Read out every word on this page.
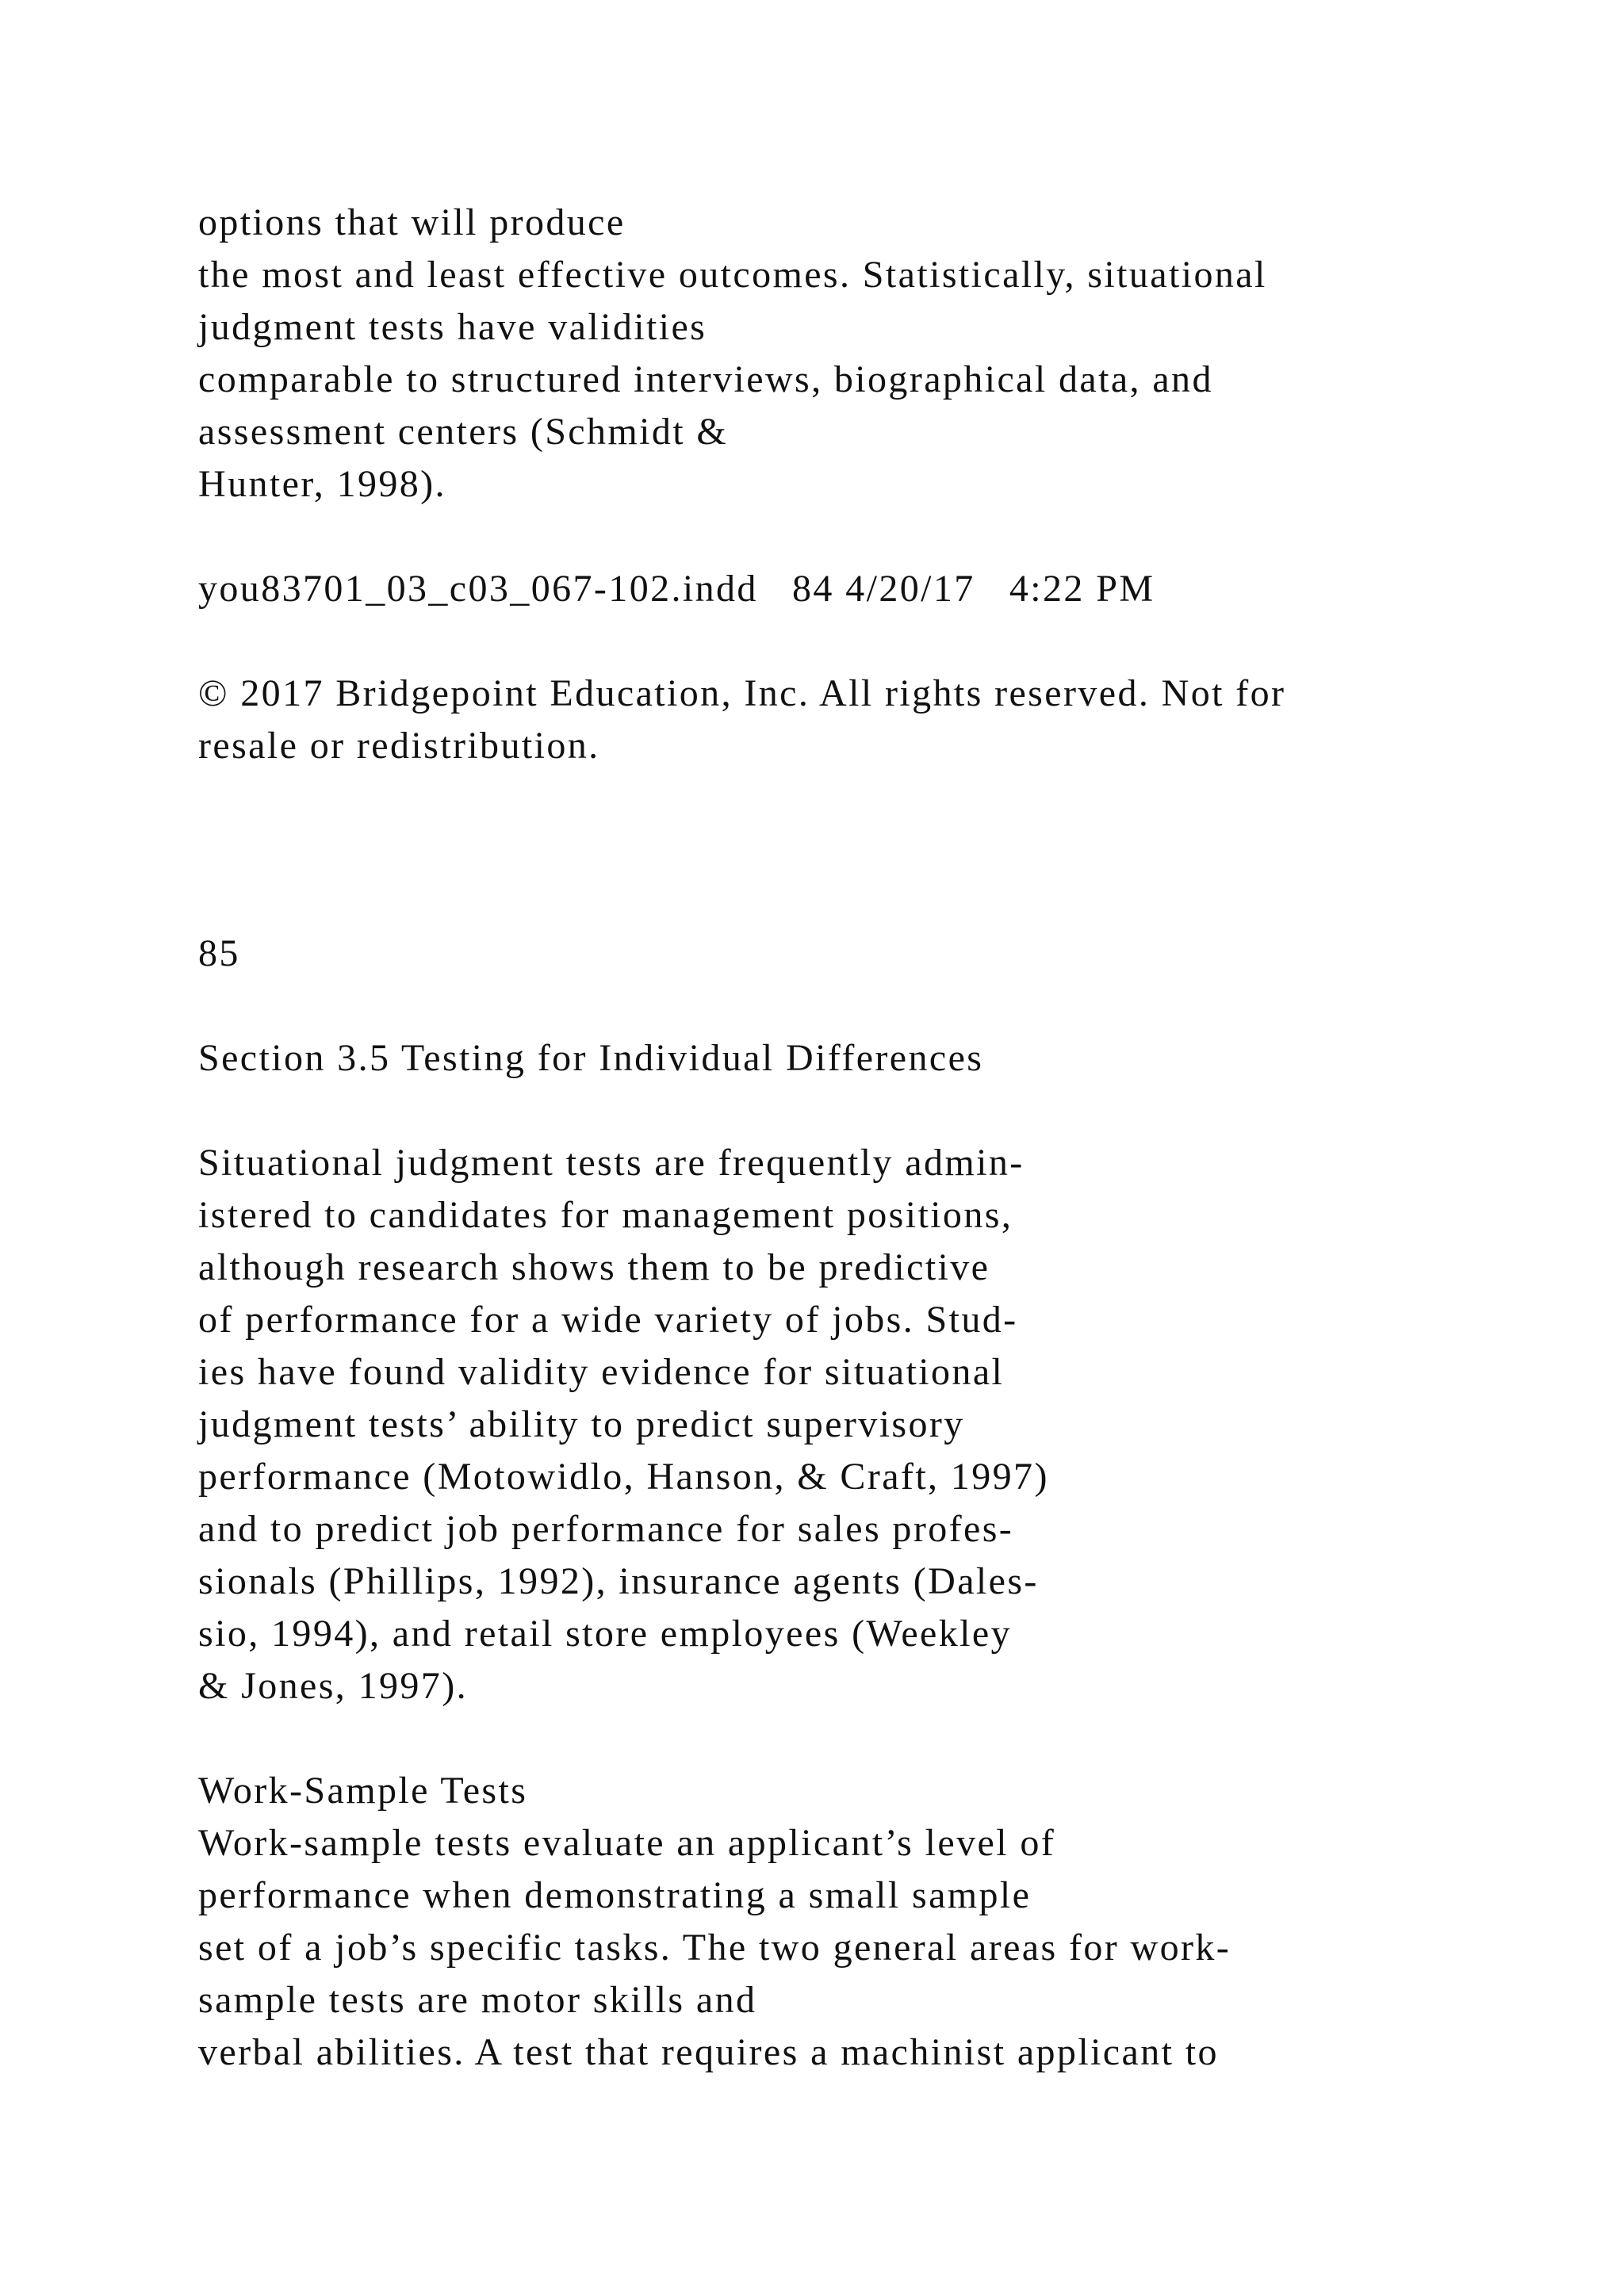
options that will produce

the most and least effective outcomes. Statistically, situational

judgment tests have validities

comparable to structured interviews, biographical data, and

assessment centers (Schmidt &

Hunter, 1998).

you83701_03_c03_067-102.indd   84 4/20/17   4:22 PM

© 2017 Bridgepoint Education, Inc. All rights reserved. Not for

resale or redistribution.

85

Section 3.5 Testing for Individual Differences

Situational judgment tests are frequently admin-

istered to candidates for management positions,

although research shows them to be predictive

of performance for a wide variety of jobs. Stud-

ies have found validity evidence for situational

judgment tests’ ability to predict supervisory

performance (Motowidlo, Hanson, & Craft, 1997)

and to predict job performance for sales profes-

sionals (Phillips, 1992), insurance agents (Dales-

sio, 1994), and retail store employees (Weekley

& Jones, 1997).

Work-Sample Tests

Work-sample tests evaluate an applicant’s level of

performance when demonstrating a small sample

set of a job’s specific tasks. The two general areas for work-

sample tests are motor skills and

verbal abilities. A test that requires a machinist applicant to
